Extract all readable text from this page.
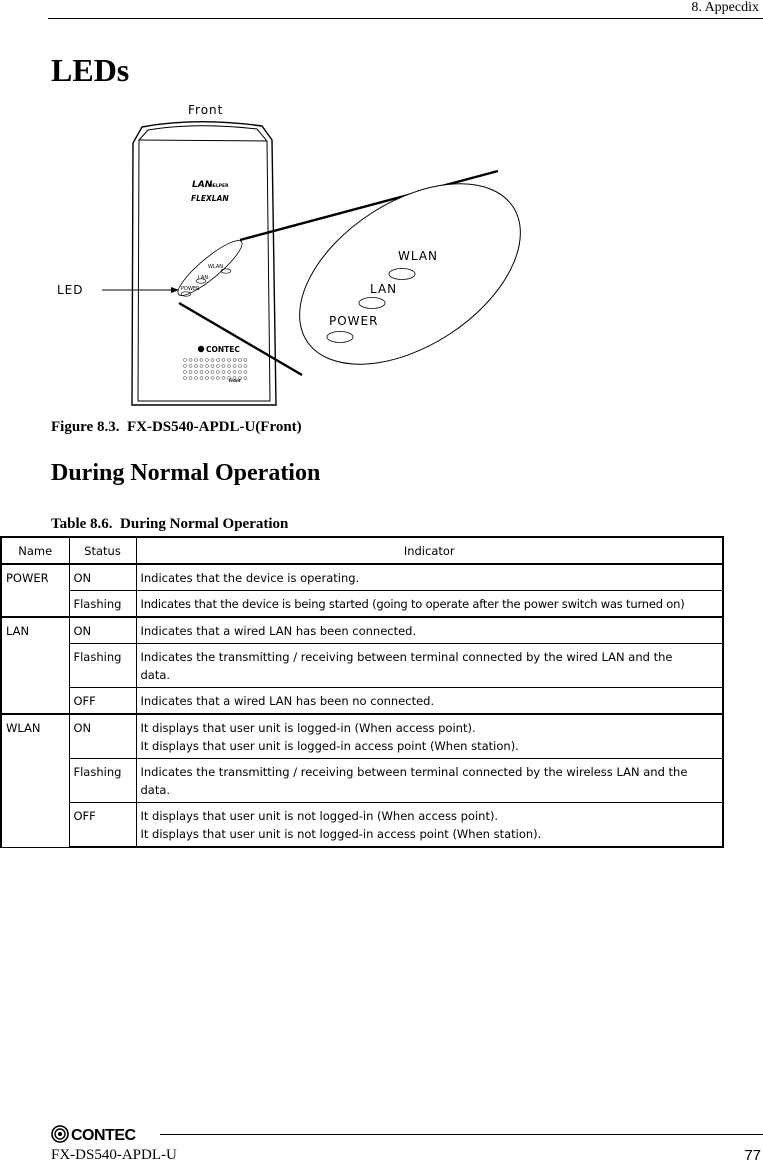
8. Appecdix
LEDs
Front
LAN
HELPER
FLEXLAN
WLAN
LAN
POWER
CONTEC
Front
WLAN
LAN
POWER
LED
Figure 8.3.  FX-DS540-APDL-U(Front)
During Normal Operation
Table 8.6.  During Normal Operation
Name	Status	Indicator
POWER	ON	Indicates that the device is operating.

	Flashing	Indicates that the device is being started (going to operate after the power switch was turned on)

LAN	ON	Indicates that a wired LAN has been connected.

	Flashing	Indicates the transmitting / receiving between terminal connected by the wired LAN and the
data.

	OFF	Indicates that a wired LAN has been no connected.

WLAN	ON	It displays that user unit is logged-in (When access point).
It displays that user unit is logged-in access point (When station).

	Flashing	Indicates the transmitting / receiving between terminal connected by the wireless LAN and the
data.

	OFF	It displays that user unit is not logged-in (When access point).
It displays that user unit is not logged-in access point (When station).
CONTEC
FX-DS540-APDL-U	77
